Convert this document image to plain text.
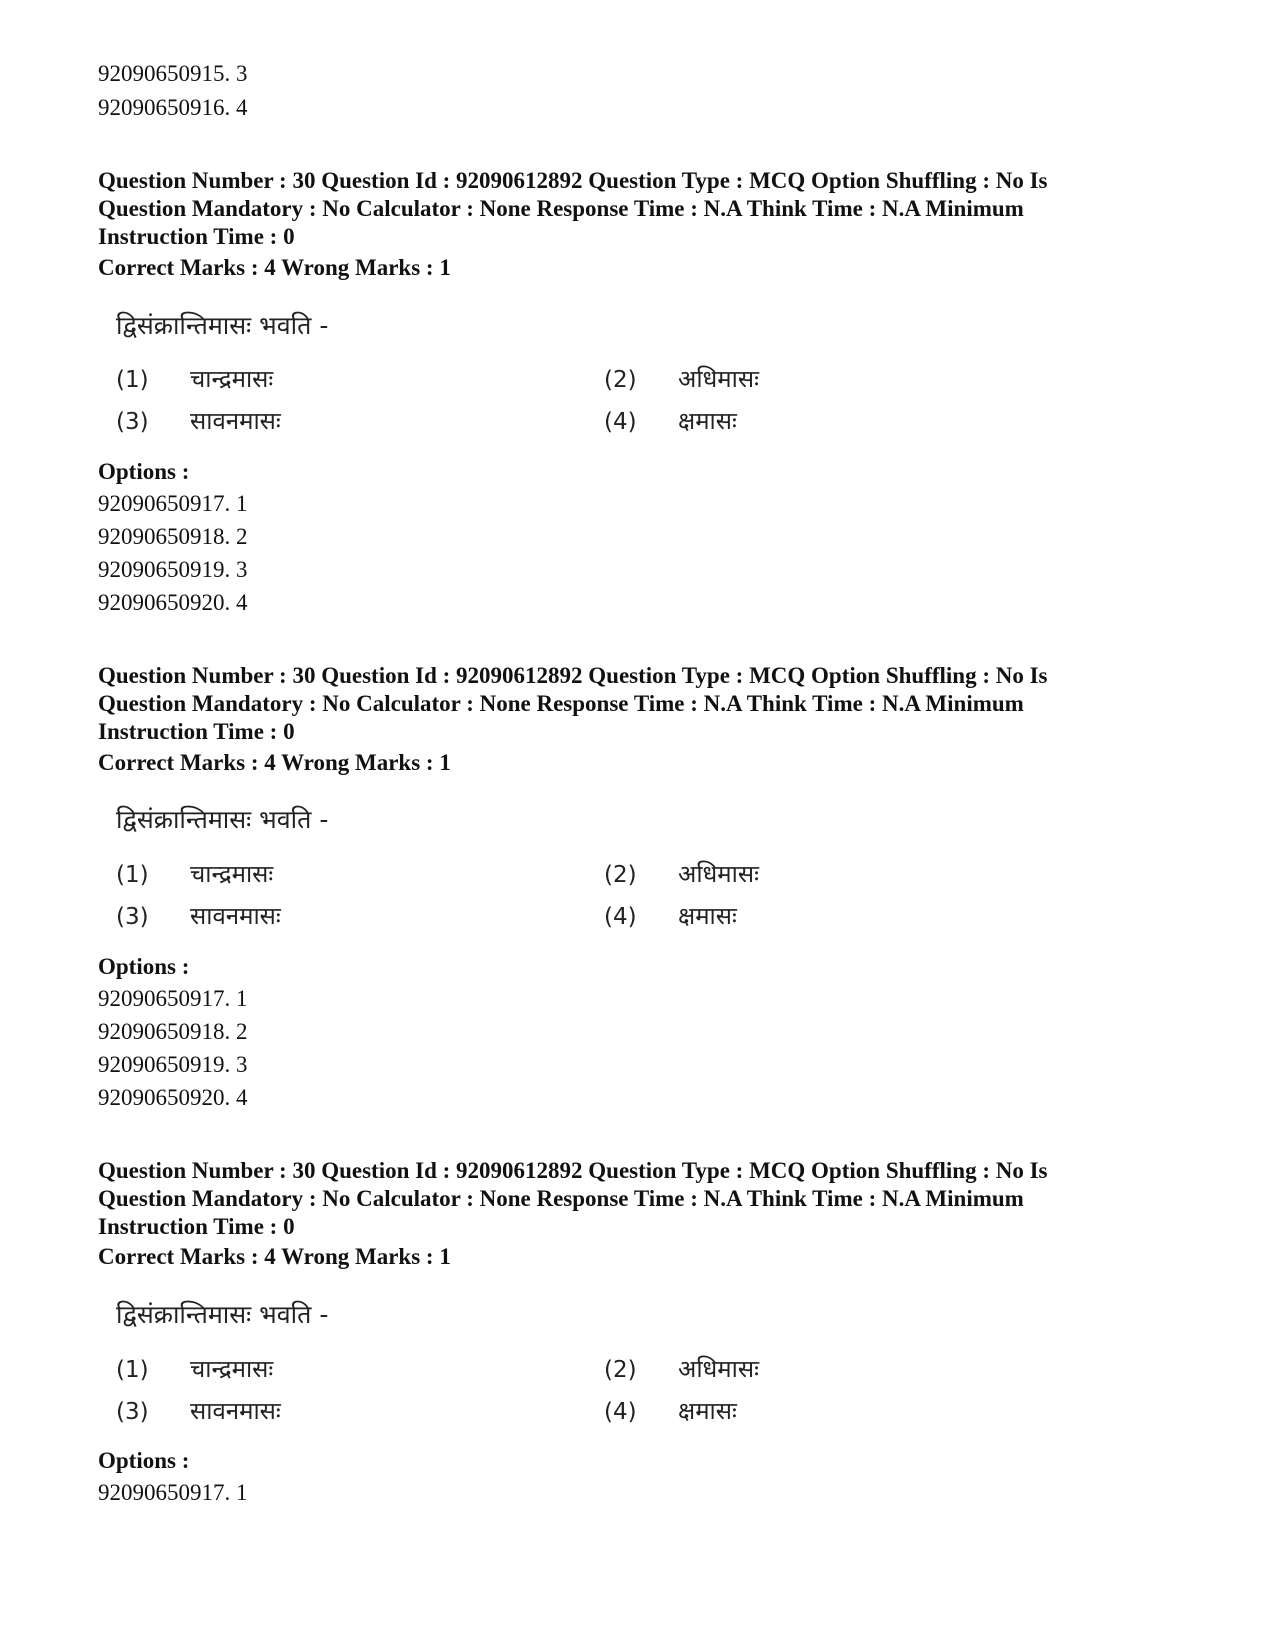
92090650915. 3
92090650916. 4
Question Number : 30 Question Id : 92090612892 Question Type : MCQ Option Shuffling : No Is
Question Mandatory : No Calculator : None Response Time : N.A Think Time : N.A Minimum
Instruction Time : 0
Correct Marks : 4 Wrong Marks : 1
द्विसंक्रान्तिमासः भवति -
(1) चान्द्रमासः	(2) अधिमासः
(3) सावनमासः	(4) क्षमासः
Options :
92090650917. 1
92090650918. 2
92090650919. 3
92090650920. 4
Question Number : 30 Question Id : 92090612892 Question Type : MCQ Option Shuffling : No Is
Question Mandatory : No Calculator : None Response Time : N.A Think Time : N.A Minimum
Instruction Time : 0
Correct Marks : 4 Wrong Marks : 1
द्विसंक्रान्तिमासः भवति -
(1) चान्द्रमासः	(2) अधिमासः
(3) सावनमासः	(4) क्षमासः
Options :
92090650917. 1
92090650918. 2
92090650919. 3
92090650920. 4
Question Number : 30 Question Id : 92090612892 Question Type : MCQ Option Shuffling : No Is
Question Mandatory : No Calculator : None Response Time : N.A Think Time : N.A Minimum
Instruction Time : 0
Correct Marks : 4 Wrong Marks : 1
द्विसंक्रान्तिमासः भवति -
(1) चान्द्रमासः	(2) अधिमासः
(3) सावनमासः	(4) क्षमासः
Options :
92090650917. 1
